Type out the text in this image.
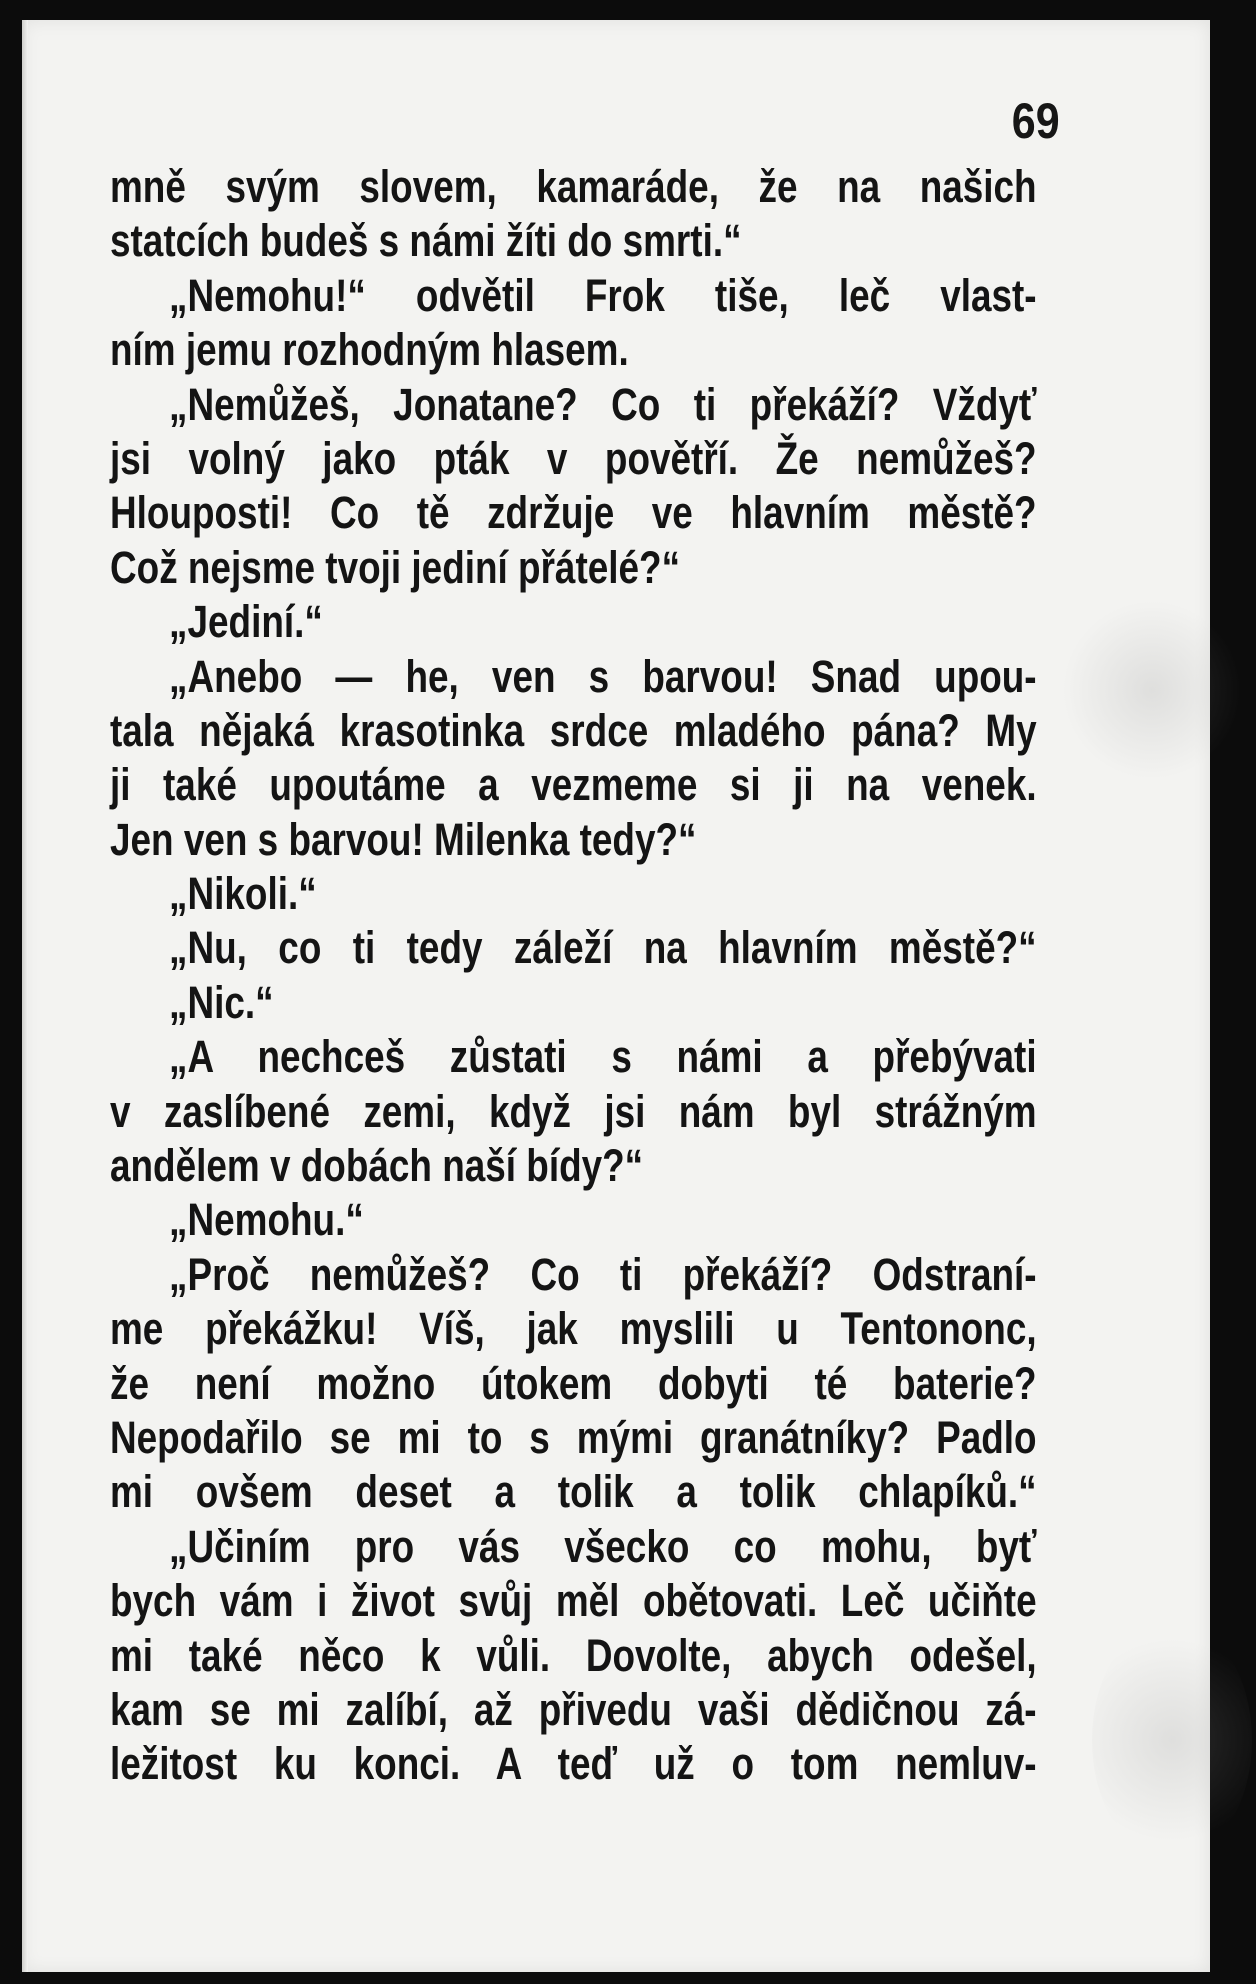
69
mně svým slovem, kamaráde, že na našich
statcích budeš s námi žíti do smrti.“
„Nemohu!“ odvětil Frok tiše, leč vlast-
ním jemu rozhodným hlasem.
„Nemůžeš, Jonatane? Co ti překáží? Vždyť
jsi volný jako pták v povětří. Že nemůžeš?
Hlouposti! Co tě zdržuje ve hlavním městě?
Což nejsme tvoji jediní přátelé?“
„Jediní.“
„Anebo — he, ven s barvou! Snad upou-
tala nějaká krasotinka srdce mladého pána? My
ji také upoutáme a vezmeme si ji na venek.
Jen ven s barvou! Milenka tedy?“
„Nikoli.“
„Nu, co ti tedy záleží na hlavním městě?“
„Nic.“
„A nechceš zůstati s námi a přebývati
v zaslíbené zemi, když jsi nám byl strážným
andělem v dobách naší bídy?“
„Nemohu.“
„Proč nemůžeš? Co ti překáží? Odstraní-
me překážku! Víš, jak myslili u Tentononc,
že není možno útokem dobyti té baterie?
Nepodařilo se mi to s mými granátníky? Padlo
mi ovšem deset a tolik a tolik chlapíků.“
„Učiním pro vás všecko co mohu, byť
bych vám i život svůj měl obětovati. Leč učiňte
mi také něco k vůli. Dovolte, abych odešel,
kam se mi zalíbí, až přivedu vaši dědičnou zá-
ležitost ku konci. A teď už o tom nemluv-
